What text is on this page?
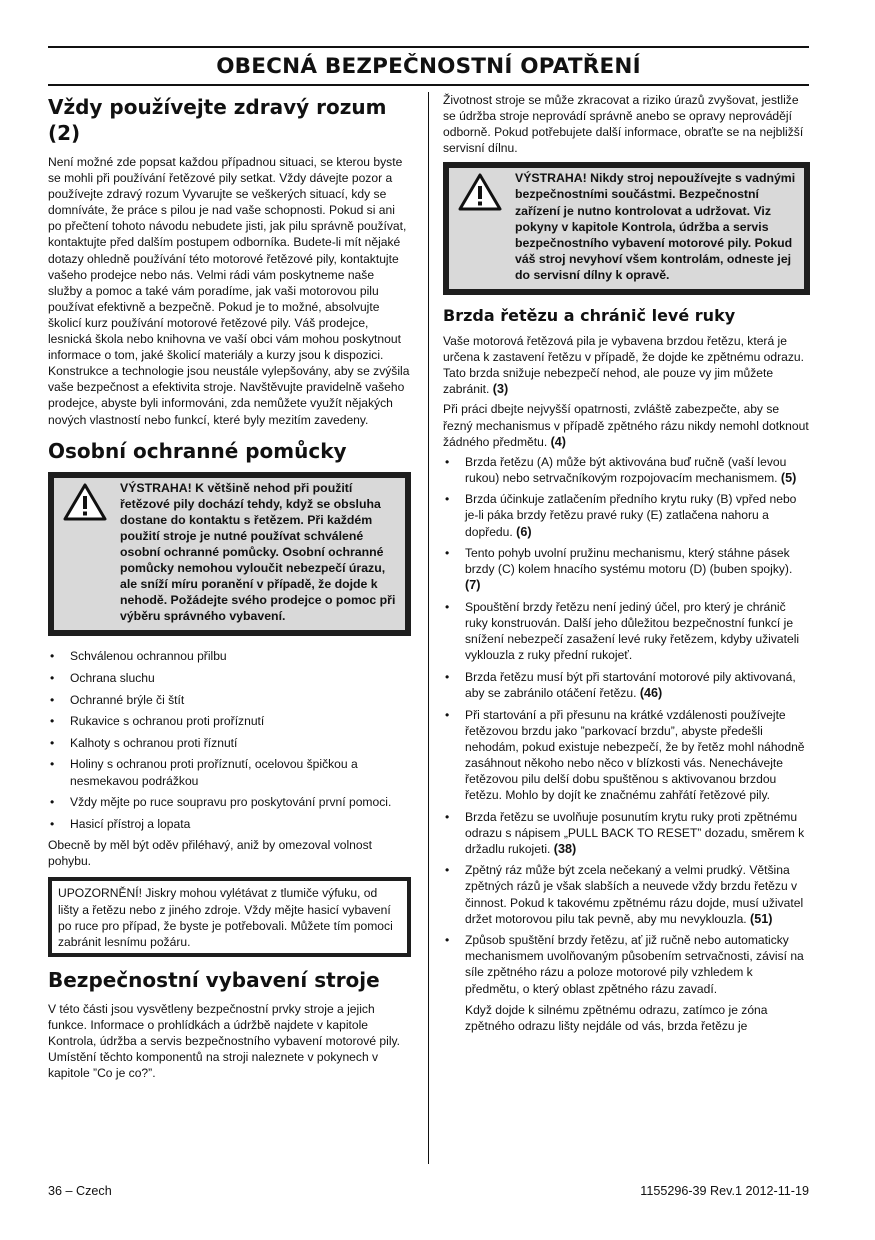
OBECNÁ BEZPEČNOSTNÍ OPATŘENÍ
Vždy používejte zdravý rozum (2)

Není možné zde popsat každou případnou situaci, se kterou byste se mohli při používání řetězové pily setkat. Vždy dávejte pozor a používejte zdravý rozum Vyvarujte se veškerých situací, kdy se domníváte, že práce s pilou je nad vaše schopnosti. Pokud si ani po přečtení tohoto návodu nebudete jisti, jak pilu správně používat, kontaktujte před dalším postupem odborníka. Budete-li mít nějaké dotazy ohledně používání této motorové řetězové pily, kontaktujte vašeho prodejce nebo nás. Velmi rádi vám poskytneme naše služby a pomoc a také vám poradíme, jak vaši motorovou pilu používat efektivně a bezpečně. Pokud je to možné, absolvujte školicí kurz používání motorové řetězové pily. Váš prodejce, lesnická škola nebo knihovna ve vaší obci vám mohou poskytnout informace o tom, jaké školicí materiály a kurzy jsou k dispozici. Konstrukce a technologie jsou neustále vylepšovány, aby se zvýšila vaše bezpečnost a efektivita stroje. Navštěvujte pravidelně vašeho prodejce, abyste byli informováni, zda nemůžete využít nějakých nových vlastností nebo funkcí, které byly mezitím zavedeny.

Osobní ochranné pomůcky
VÝSTRAHA! K většině nehod při použití řetězové pily dochází tehdy, když se obsluha dostane do kontaktu s řetězem. Při každém použití stroje je nutné používat schválené osobní ochranné pomůcky. Osobní ochranné pomůcky nemohou vyloučit nebezpečí úrazu, ale sníží míru poranění v případě, že dojde k nehodě. Požádejte svého prodejce o pomoc při výběru správného vybavení.
• Schválenou ochrannou přilbu
• Ochrana sluchu
• Ochranné brýle či štít
• Rukavice s ochranou proti proříznutí
• Kalhoty s ochranou proti říznutí
• Holiny s ochranou proti proříznutí, ocelovou špičkou a nesmekavou podrážkou
• Vždy mějte po ruce soupravu pro poskytování první pomoci.
• Hasicí přístroj a lopata

Obecně by měl být oděv přiléhavý, aniž by omezoval volnost pohybu.

UPOZORNĚNÍ! Jiskry mohou vylétávat z tlumiče výfuku, od lišty a řetězu nebo z jiného zdroje. Vždy mějte hasicí vybavení po ruce pro případ, že byste je potřebovali. Můžete tím pomoci zabránit lesnímu požáru.
Bezpečnostní vybavení stroje

V této části jsou vysvětleny bezpečnostní prvky stroje a jejich funkce. Informace o prohlídkách a údržbě najdete v kapitole Kontrola, údržba a servis bezpečnostního vybavení motorové pily. Umístění těchto komponentů na stroji naleznete v pokynech v kapitole ”Co je co?”.

Životnost stroje se může zkracovat a riziko úrazů zvyšovat, jestliže se údržba stroje neprovádí správně anebo se opravy neprovádějí odborně. Pokud potřebujete další informace, obraťte se na nejbližší servisní dílnu.

VÝSTRAHA! Nikdy stroj nepoužívejte s vadnými bezpečnostními součástmi. Bezpečnostní zařízení je nutno kontrolovat a udržovat. Viz pokyny v kapitole Kontrola, údržba a servis bezpečnostního vybavení motorové pily. Pokud váš stroj nevyhoví všem kontrolám, odneste jej do servisní dílny k opravě.
Brzda řetězu a chránič levé ruky

Vaše motorová řetězová pila je vybavena brzdou řetězu, která je určena k zastavení řetězu v případě, že dojde ke zpětnému odrazu. Tato brzda snižuje nebezpečí nehod, ale pouze vy jim můžete zabránit. (3)

Při práci dbejte nejvyšší opatrnosti, zvláště zabezpečte, aby se řezný mechanismus v případě zpětného rázu nikdy nemohl dotknout žádného předmětu. (4)

• Brzda řetězu (A) může být aktivována buď ručně (vaší levou rukou) nebo setrvačníkovým rozpojovacím mechanismem. (5)
• Brzda účinkuje zatlačením předního krytu ruky (B) vpřed nebo je-li páka brzdy řetězu pravé ruky (E) zatlačena nahoru a dopředu. (6)
• Tento pohyb uvolní pružinu mechanismu, který stáhne pásek brzdy (C) kolem hnacího systému motoru (D) (buben spojky). (7)
• Spouštění brzdy řetězu není jediný účel, pro který je chránič ruky konstruován. Další jeho důležitou bezpečnostní funkcí je snížení nebezpečí zasažení levé ruky řetězem, kdyby uživateli vyklouzla z ruky přední rukojeť.
• Brzda řetězu musí být při startování motorové pily aktivovaná, aby se zabránilo otáčení řetězu. (46)
• Při startování a při přesunu na krátké vzdálenosti používejte řetězovou brzdu jako ”parkovací brzdu”, abyste předešli nehodám, pokud existuje nebezpečí, že by řetěz mohl náhodně zasáhnout někoho nebo něco v blízkosti vás. Nenechávejte řetězovou pilu delší dobu spuštěnou s aktivovanou brzdou řetězu. Mohlo by dojít ke značnému zahřátí řetězové pily.
• Brzda řetězu se uvolňuje posunutím krytu ruky proti zpětnému odrazu s nápisem „PULL BACK TO RESET” dozadu, směrem k držadlu rukojeti. (38)
• Zpětný ráz může být zcela nečekaný a velmi prudký. Většina zpětných rázů je však slabších a neuvede vždy brzdu řetězu v činnost. Pokud k takovému zpětnému rázu dojde, musí uživatel držet motorovou pilu tak pevně, aby mu nevyklouzla. (51)
• Způsob spuštění brzdy řetězu, ať již ručně nebo automaticky mechanismem uvolňovaným působením setrvačnosti, závisí na síle zpětného rázu a poloze motorové pily vzhledem k předmětu, o který oblast zpětného rázu zavadí.
Když dojde k silnému zpětnému odrazu, zatímco je zóna zpětného odrazu lišty nejdále od vás, brzda řetězu je
36 – Czech	1155296-39 Rev.1 2012-11-19
